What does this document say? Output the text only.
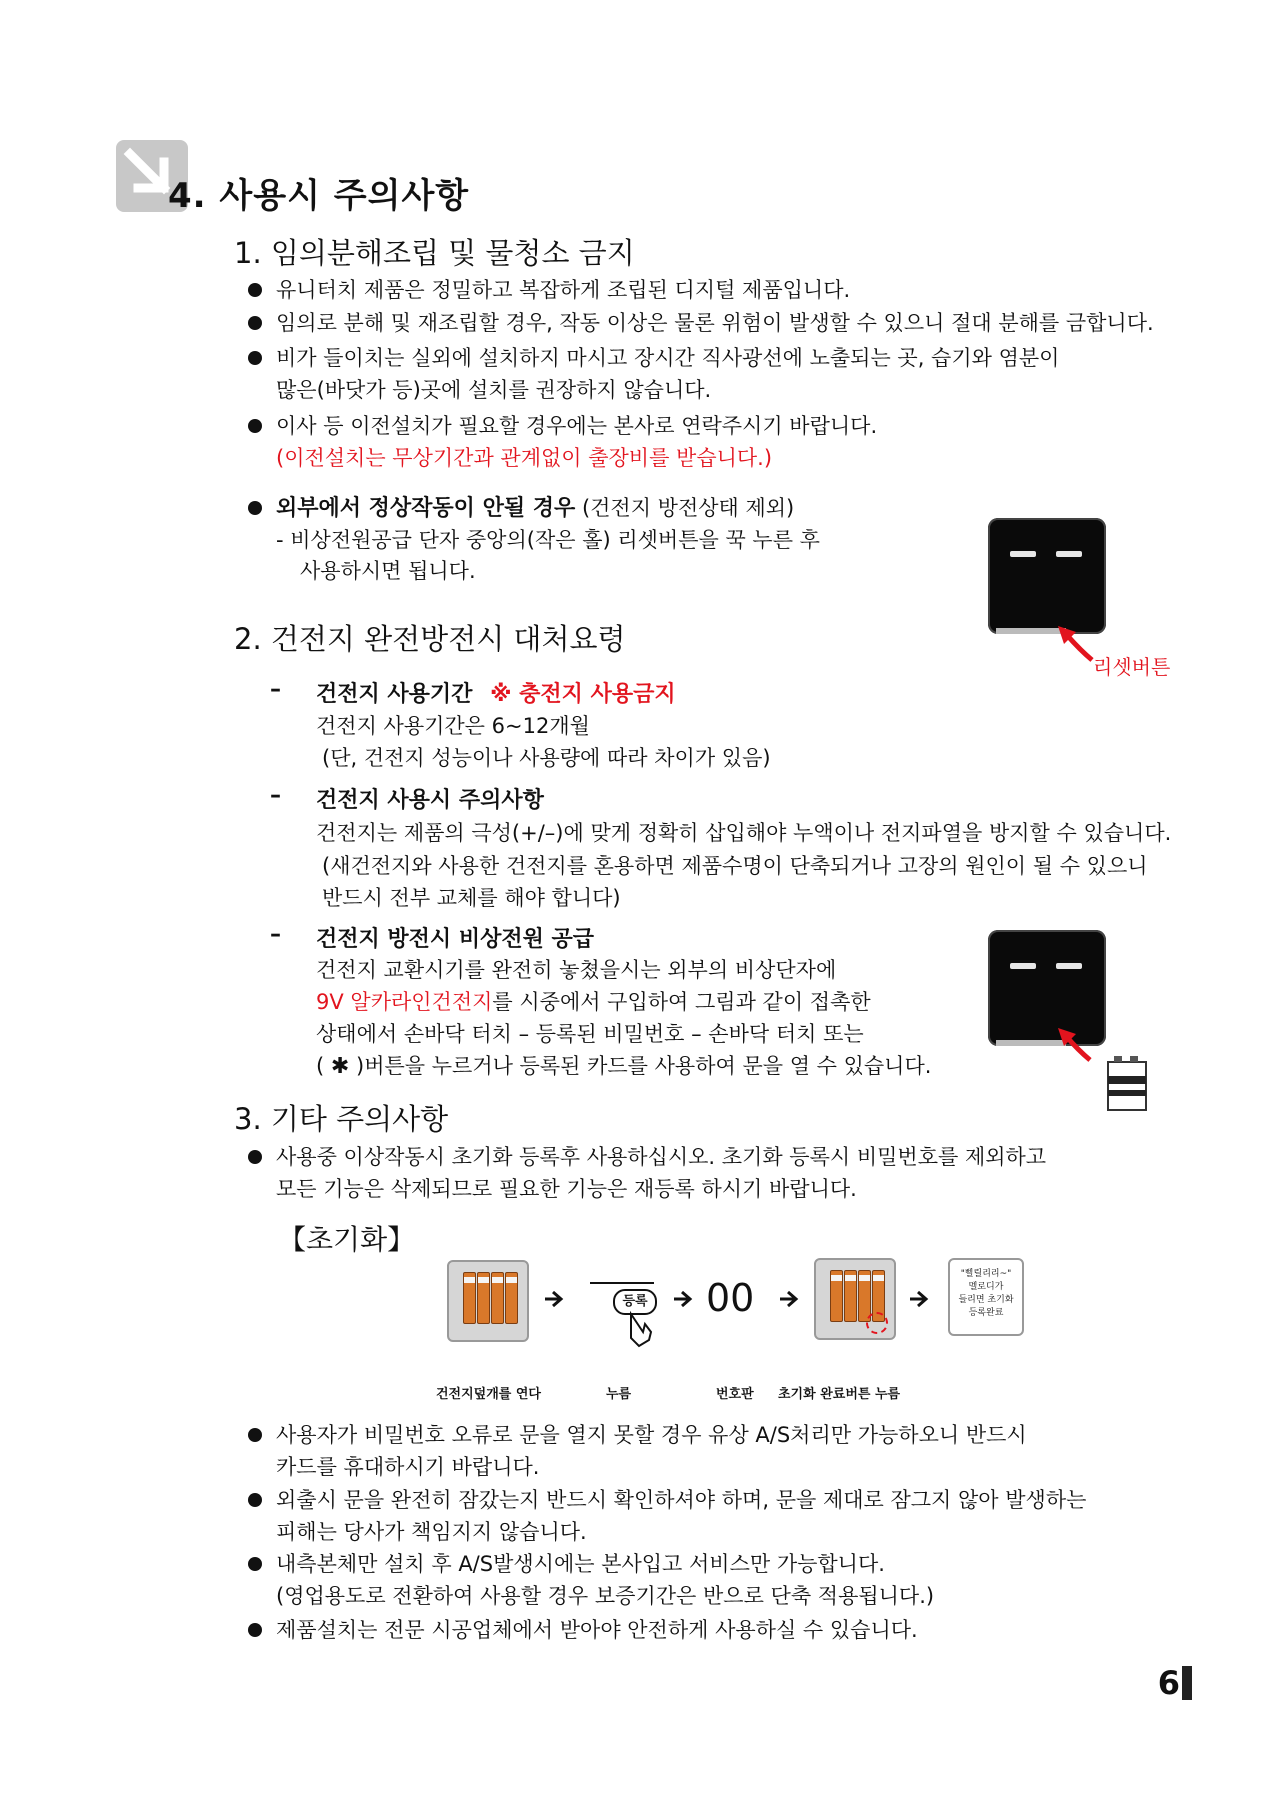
4. 사용시 주의사항
1. 임의분해조립 및 물청소 금지
유니터치 제품은 정밀하고 복잡하게 조립된 디지털 제품입니다.
임의로 분해 및 재조립할 경우, 작동 이상은 물론 위험이 발생할 수 있으니 절대 분해를 금합니다.
비가 들이치는 실외에 설치하지 마시고 장시간 직사광선에 노출되는 곳, 습기와 염분이
많은(바닷가 등)곳에 설치를 권장하지 않습니다.
이사 등 이전설치가 필요할 경우에는 본사로 연락주시기 바랍니다.
(이전설치는 무상기간과 관계없이 출장비를 받습니다.)
외부에서 정상작동이 안될 경우 (건전지 방전상태 제외)
- 비상전원공급 단자 중앙의(작은 홀) 리셋버튼을 꾹 누른 후
사용하시면 됩니다.
리셋버튼
2. 건전지 완전방전시 대처요령
– 건전지 사용기간 ※ 충전지 사용금지
건전지 사용기간은 6~12개월
(단, 건전지 성능이나 사용량에 따라 차이가 있음)
– 건전지 사용시 주의사항
건전지는 제품의 극성(+/–)에 맞게 정확히 삽입해야 누액이나 전지파열을 방지할 수 있습니다.
(새건전지와 사용한 건전지를 혼용하면 제품수명이 단축되거나 고장의 원인이 될 수 있으니
반드시 전부 교체를 해야 합니다)
– 건전지 방전시 비상전원 공급
건전지 교환시기를 완전히 놓쳤을시는 외부의 비상단자에
9V 알카라인건전지를 시중에서 구입하여 그림과 같이 접촉한
상태에서 손바닥 터치 – 등록된 비밀번호 – 손바닥 터치 또는
( ✱ )버튼을 누르거나 등록된 카드를 사용하여 문을 열 수 있습니다.
3. 기타 주의사항
사용중 이상작동시 초기화 등록후 사용하십시오. 초기화 등록시 비밀번호를 제외하고
모든 기능은 삭제되므로 필요한 기능은 재등록 하시기 바랍니다.
【초기화】
등록 00
"삘릴리리~"
멜로디가
들리면 초기화
등록완료
건전지덮개를 연다	누름	번호판 초기화 완료버튼 누름
사용자가 비밀번호 오류로 문을 열지 못할 경우 유상 A/S처리만 가능하오니 반드시
카드를 휴대하시기 바랍니다.
외출시 문을 완전히 잠갔는지 반드시 확인하셔야 하며, 문을 제대로 잠그지 않아 발생하는
피해는 당사가 책임지지 않습니다.
내측본체만 설치 후 A/S발생시에는 본사입고 서비스만 가능합니다.
(영업용도로 전환하여 사용할 경우 보증기간은 반으로 단축 적용됩니다.)
제품설치는 전문 시공업체에서 받아야 안전하게 사용하실 수 있습니다.
6
